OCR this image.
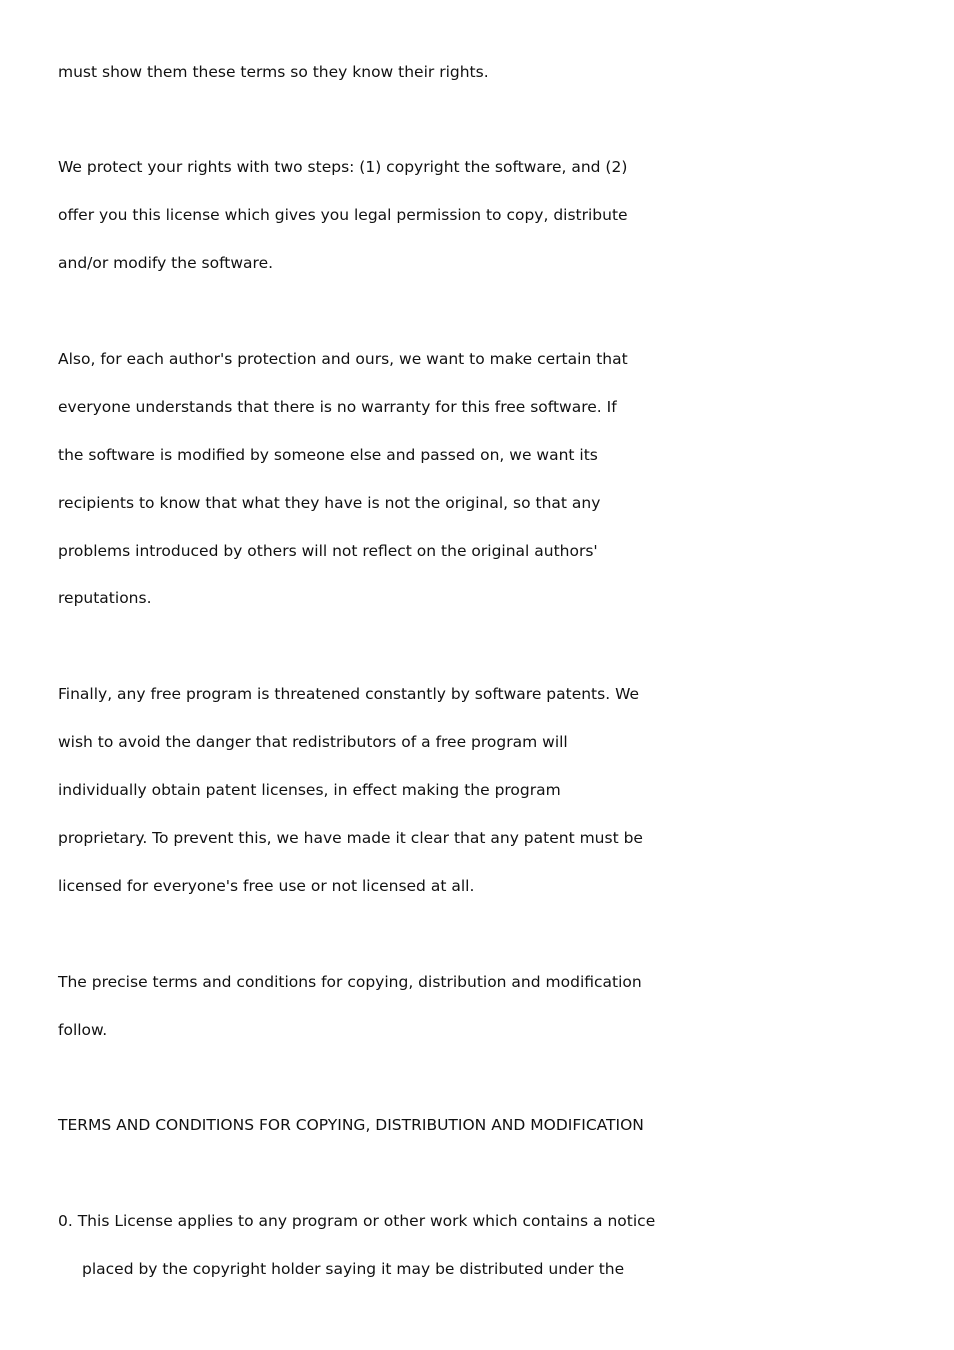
must show them these terms so they know their rights.
We protect your rights with two steps: (1) copyright the software, and (2)
offer you this license which gives you legal permission to copy, distribute
and/or modify the software.
Also, for each author's protection and ours, we want to make certain that
everyone understands that there is no warranty for this free software. If
the software is modified by someone else and passed on, we want its
recipients to know that what they have is not the original, so that any
problems introduced by others will not reflect on the original authors'
reputations.
Finally, any free program is threatened constantly by software patents. We
wish to avoid the danger that redistributors of a free program will
individually obtain patent licenses, in effect making the program
proprietary. To prevent this, we have made it clear that any patent must be
licensed for everyone's free use or not licensed at all.
The precise terms and conditions for copying, distribution and modification
follow.
TERMS AND CONDITIONS FOR COPYING, DISTRIBUTION AND MODIFICATION
0. This License applies to any program or other work which contains a notice
placed by the copyright holder saying it may be distributed under the
